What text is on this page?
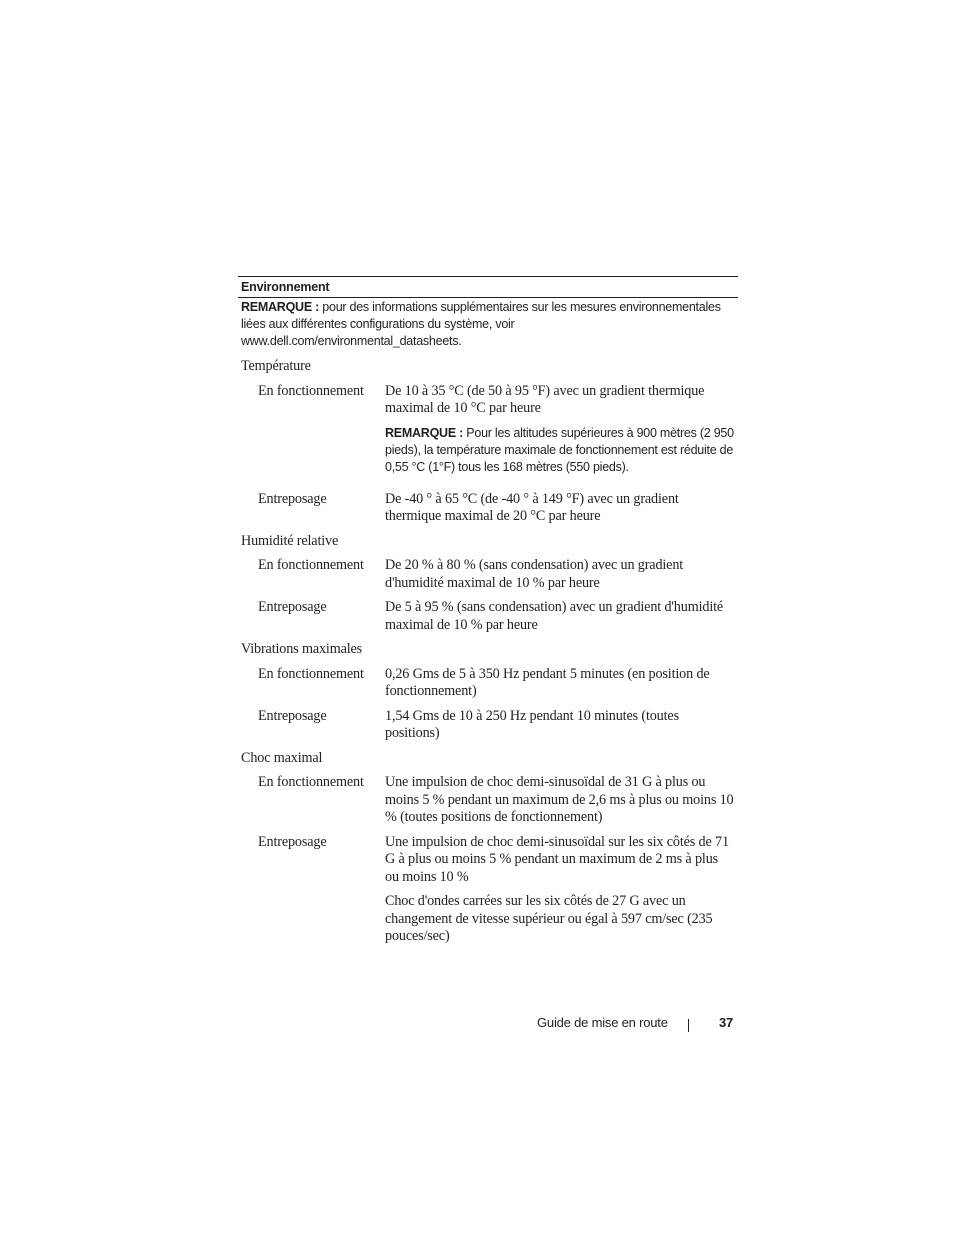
Environnement
REMARQUE : pour des informations supplémentaires sur les mesures environnementales liées aux différentes configurations du système, voir www.dell.com/environmental_datasheets.
Température
En fonctionnement	De 10 à 35 °C (de 50 à 95 °F) avec un gradient thermique maximal de 10 °C par heure
REMARQUE : Pour les altitudes supérieures à 900 mètres (2 950 pieds), la température maximale de fonctionnement est réduite de 0,55 °C (1°F) tous les 168 mètres (550 pieds).
Entreposage	De -40 ° à 65 °C (de -40 ° à 149 °F) avec un gradient thermique maximal de 20 °C par heure
Humidité relative
En fonctionnement	De 20 % à 80 % (sans condensation) avec un gradient d'humidité maximal de 10 % par heure
Entreposage	De 5 à 95 % (sans condensation) avec un gradient d'humidité maximal de 10 % par heure
Vibrations maximales
En fonctionnement	0,26 Gms de 5 à 350 Hz pendant 5 minutes (en position de fonctionnement)
Entreposage	1,54 Gms de 10 à 250 Hz pendant 10 minutes (toutes positions)
Choc maximal
En fonctionnement	Une impulsion de choc demi-sinusoïdal de 31 G à plus ou moins 5 % pendant un maximum de 2,6 ms à plus ou moins 10 % (toutes positions de fonctionnement)
Entreposage	Une impulsion de choc demi-sinusoïdal sur les six côtés de 71 G à plus ou moins 5 % pendant un maximum de 2 ms à plus ou moins 10 %
Choc d'ondes carrées sur les six côtés de 27 G avec un changement de vitesse supérieur ou égal à 597 cm/sec (235 pouces/sec)
Guide de mise en route	37
